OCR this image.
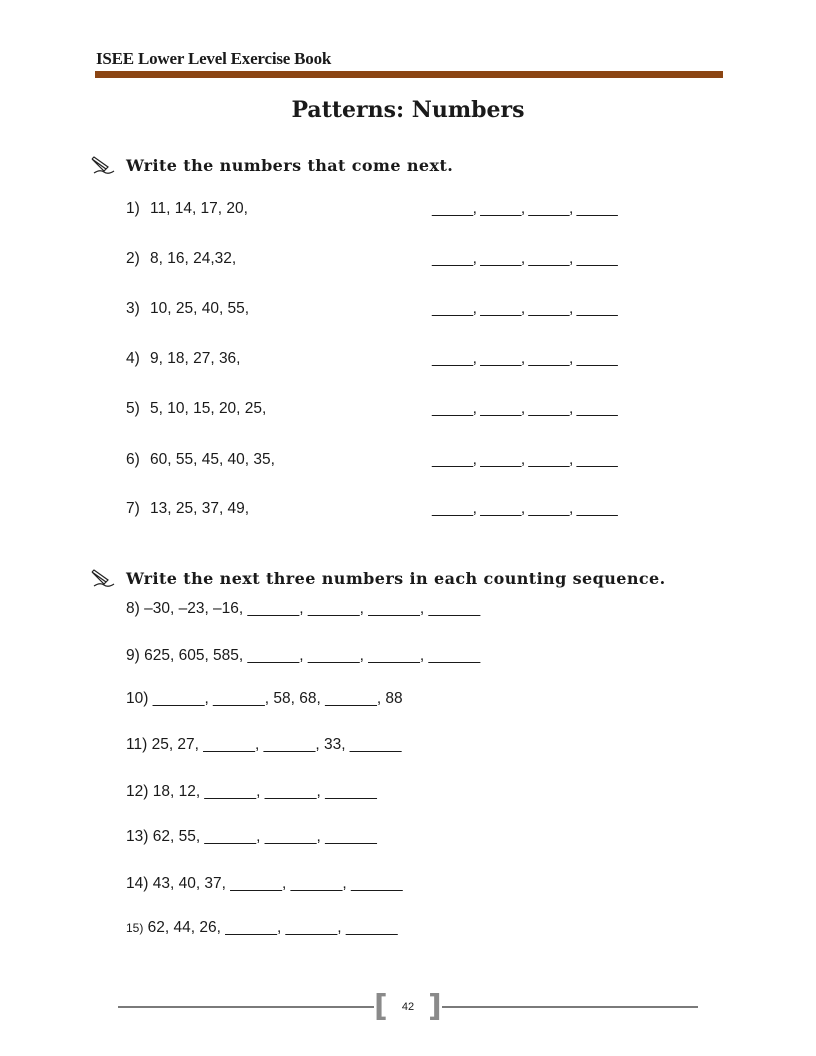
ISEE Lower Level Exercise Book
Patterns: Numbers
Write the numbers that come next.
1) 11, 14, 17, 20,	_____, _____, _____, _____
2) 8, 16, 24,32,	_____, _____, _____, _____
3) 10, 25, 40, 55,	_____, _____, _____, _____
4) 9, 18, 27, 36,	_____, _____, _____, _____
5) 5, 10, 15, 20, 25,	_____, _____, _____, _____
6) 60, 55, 45, 40, 35,	_____, _____, _____, _____
7) 13, 25, 37, 49,	_____, _____, _____, _____
Write the next three numbers in each counting sequence.
8) –30, –23, –16, ______, ______, ______, ______
9) 625, 605, 585, ______, ______, ______, ______
10) ______, ______, 58, 68, ______, 88
11) 25, 27, ______, ______, 33, ______
12) 18, 12, ______, ______, ______
13) 62, 55, ______, ______, ______
14) 43, 40, 37, ______, ______, ______
15) 62, 44, 26, ______, ______, ______
[ ]
42
